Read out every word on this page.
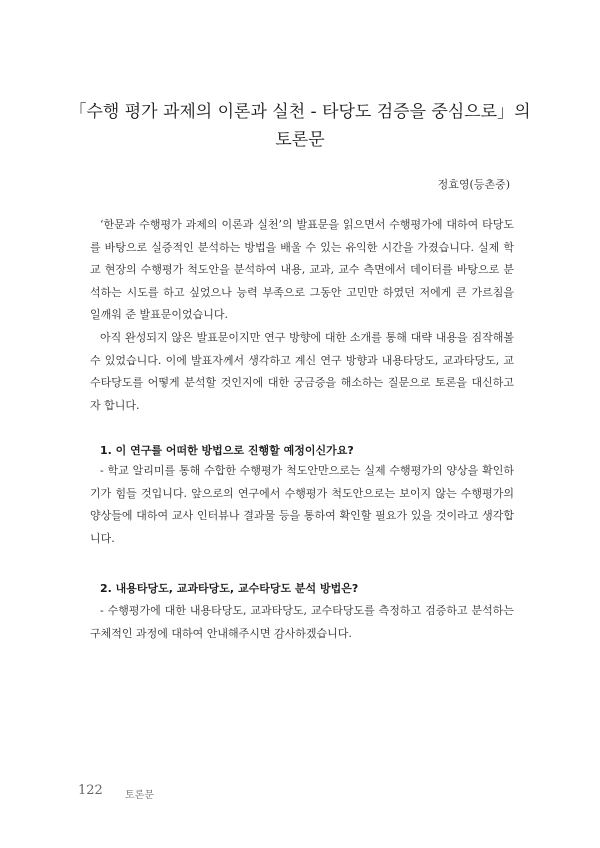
「수행 평가 과제의 이론과 실천 - 타당도 검증을 중심으로」의
토론문

정효영(등촌중)

‘한문과 수행평가 과제의 이론과 실천’의 발표문을 읽으면서 수행평가에 대하여 타당도를 바탕으로 실증적인 분석하는 방법을 배울 수 있는 유익한 시간을 가졌습니다. 실제 학교 현장의 수행평가 척도안을 분석하여 내용, 교과, 교수 측면에서 데이터를 바탕으로 분석하는 시도를 하고 싶었으나 능력 부족으로 그동안 고민만 하였던 저에게 큰 가르침을 일깨워 준 발표문이었습니다.

아직 완성되지 않은 발표문이지만 연구 방향에 대한 소개를 통해 대략 내용을 짐작해볼 수 있었습니다. 이에 발표자께서 생각하고 계신 연구 방향과 내용타당도, 교과타당도, 교수타당도를 어떻게 분석할 것인지에 대한 궁금증을 해소하는 질문으로 토론을 대신하고자 합니다.

1. 이 연구를 어떠한 방법으로 진행할 예정이신가요?

- 학교 알리미를 통해 수합한 수행평가 척도안만으로는 실제 수행평가의 양상을 확인하기가 힘들 것입니다. 앞으로의 연구에서 수행평가 척도안으로는 보이지 않는 수행평가의 양상들에 대하여 교사 인터뷰나 결과물 등을 통하여 확인할 필요가 있을 것이라고 생각합니다.

2. 내용타당도, 교과타당도, 교수타당도 분석 방법은?

- 수행평가에 대한 내용타당도, 교과타당도, 교수타당도를 측정하고 검증하고 분석하는 구체적인 과정에 대하여 안내해주시면 감사하겠습니다.

122 토론문
